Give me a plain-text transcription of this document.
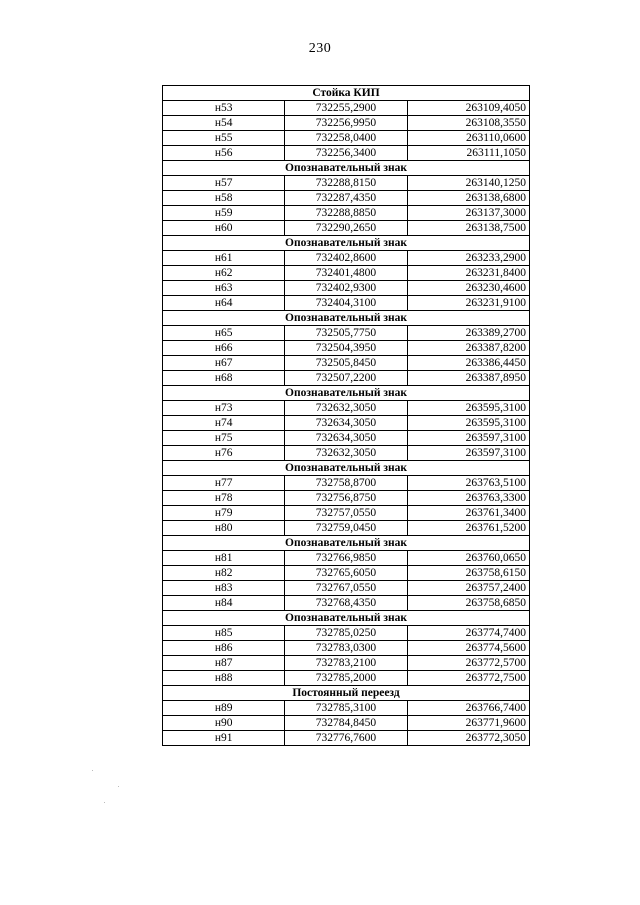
230
Стойка КИП		
н53	732255,2900	263109,4050
н54	732256,9950	263108,3550
н55	732258,0400	263110,0600
н56	732256,3400	263111,1050
Опознавательный знак		
н57	732288,8150	263140,1250
н58	732287,4350	263138,6800
н59	732288,8850	263137,3000
н60	732290,2650	263138,7500
Опознавательный знак		
н61	732402,8600	263233,2900
н62	732401,4800	263231,8400
н63	732402,9300	263230,4600
н64	732404,3100	263231,9100
Опознавательный знак		
н65	732505,7750	263389,2700
н66	732504,3950	263387,8200
н67	732505,8450	263386,4450
н68	732507,2200	263387,8950
Опознавательный знак		
н73	732632,3050	263595,3100
н74	732634,3050	263595,3100
н75	732634,3050	263597,3100
н76	732632,3050	263597,3100
Опознавательный знак		
н77	732758,8700	263763,5100
н78	732756,8750	263763,3300
н79	732757,0550	263761,3400
н80	732759,0450	263761,5200
Опознавательный знак		
н81	732766,9850	263760,0650
н82	732765,6050	263758,6150
н83	732767,0550	263757,2400
н84	732768,4350	263758,6850
Опознавательный знак		
н85	732785,0250	263774,7400
н86	732783,0300	263774,5600
н87	732783,2100	263772,5700
н88	732785,2000	263772,7500
Постоянный переезд		
н89	732785,3100	263766,7400
н90	732784,8450	263771,9600
н91	732776,7600	263772,3050
